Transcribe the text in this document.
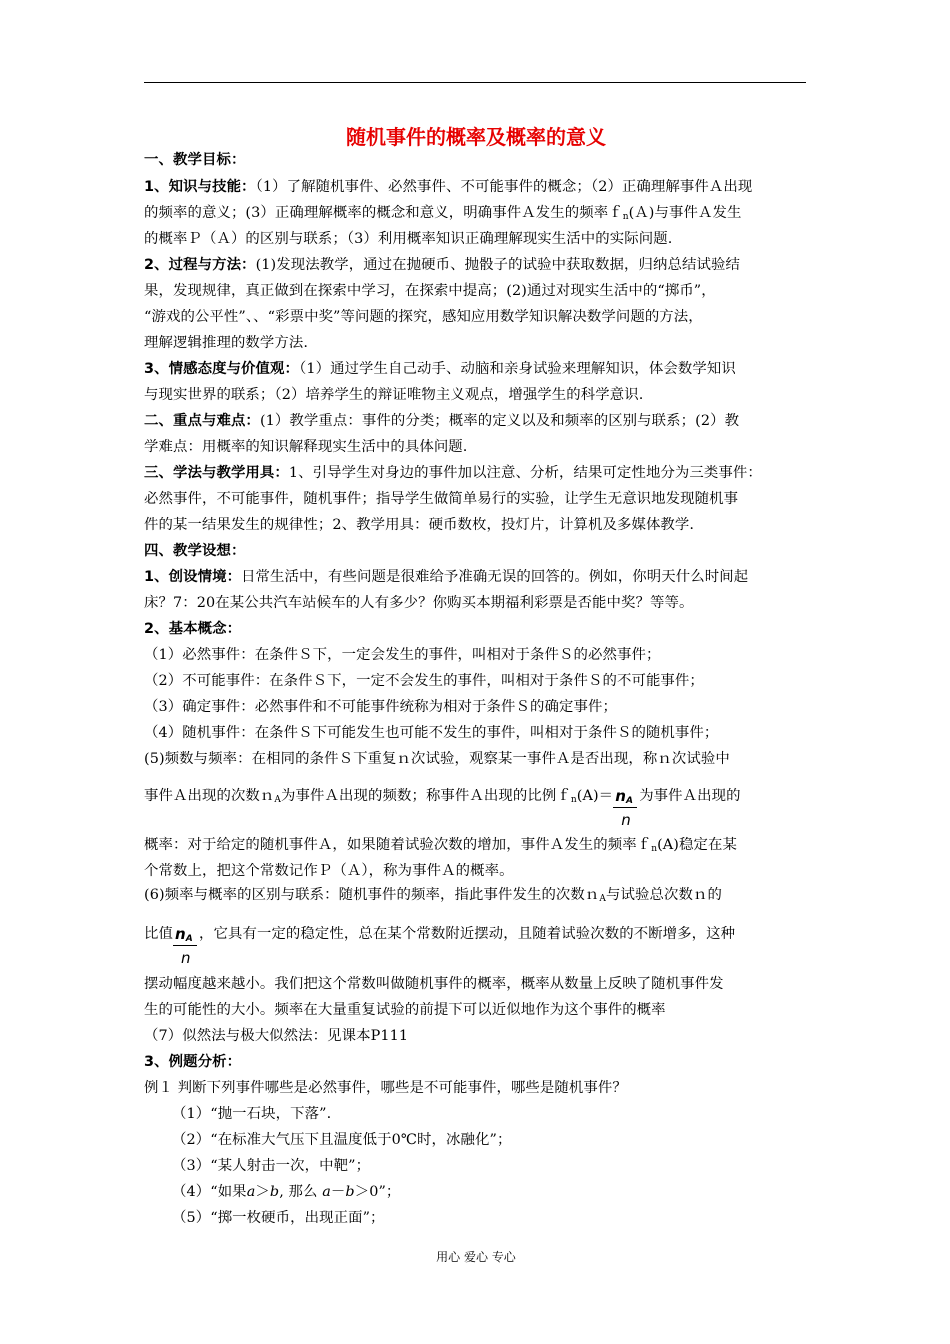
随机事件的概率及概率的意义
一、教学目标：
1、知识与技能：（1）了解随机事件、必然事件、不可能事件的概念；（2）正确理解事件Ａ出现
的频率的意义；(3）正确理解概率的概念和意义，明确事件Ａ发生的频率ｆ$_n$(Ａ)与事件Ａ发生
的概率Ｐ（Ａ）的区别与联系；（3）利用概率知识正确理解现实生活中的实际问题.
2、过程与方法：(1)发现法教学，通过在抛硬币、抛骰子的试验中获取数据，归纳总结试验结
果，发现规律，真正做到在探索中学习，在探索中提高；(2)通过对现实生活中的“掷币”，
“游戏的公平性”、、“彩票中奖”等问题的探究，感知应用数学知识解决数学问题的方法，
理解逻辑推理的数学方法.
3、情感态度与价值观：（1）通过学生自己动手、动脑和亲身试验来理解知识，体会数学知识
与现实世界的联系；（2）培养学生的辩证唯物主义观点，增强学生的科学意识.
二、重点与难点：(1）教学重点：事件的分类；概率的定义以及和频率的区别与联系；(2）教
学难点：用概率的知识解释现实生活中的具体问题.
三、学法与教学用具：1、引导学生对身边的事件加以注意、分析，结果可定性地分为三类事件：
必然事件，不可能事件，随机事件；指导学生做简单易行的实验，让学生无意识地发现随机事
件的某一结果发生的规律性；2、教学用具：硬币数枚，投灯片，计算机及多媒体教学.
四、教学设想：
1、创设情境：日常生活中，有些问题是很难给予准确无误的回答的。例如，你明天什么时间起
床？7：20在某公共汽车站候车的人有多少？你购买本期福利彩票是否能中奖？等等。
2、基本概念：
（1）必然事件：在条件Ｓ下，一定会发生的事件，叫相对于条件Ｓ的必然事件；
（2）不可能事件：在条件Ｓ下，一定不会发生的事件，叫相对于条件Ｓ的不可能事件；
（3）确定事件：必然事件和不可能事件统称为相对于条件Ｓ的确定事件；
（4）随机事件：在条件Ｓ下可能发生也可能不发生的事件，叫相对于条件Ｓ的随机事件；
(5)频数与频率：在相同的条件Ｓ下重复ｎ次试验，观察某一事件Ａ是否出现，称ｎ次试验中
事件Ａ出现的次数ｎ$_A$为事件Ａ出现的频数；称事件Ａ出现的比例ｆ$_n$(A)＝ $\frac{n_A}{n}$ 为事件Ａ出现的
概率：对于给定的随机事件Ａ，如果随着试验次数的增加，事件Ａ发生的频率ｆ$_n$(A)稳定在某
个常数上，把这个常数记作Ｐ（Ａ），称为事件Ａ的概率。
(6)频率与概率的区别与联系：随机事件的频率，指此事件发生的次数ｎ$_A$与试验总次数ｎ的
比值 $\frac{n_A}{n}$ ，它具有一定的稳定性，总在某个常数附近摆动，且随着试验次数的不断增多，这种
摆动幅度越来越小。我们把这个常数叫做随机事件的概率，概率从数量上反映了随机事件发
生的可能性的大小。频率在大量重复试验的前提下可以近似地作为这个事件的概率
（7）似然法与极大似然法：见课本P111
3、例题分析：
例１ 判断下列事件哪些是必然事件，哪些是不可能事件，哪些是随机事件？
（1）“抛一石块，下落”.
（2）“在标准大气压下且温度低于0℃时，冰融化”；
（3）“某人射击一次，中靶”；
（4）“如果a＞b, 那么 a－b＞0”；
（5）“掷一枚硬币，出现正面”；
用心 爱心 专心
